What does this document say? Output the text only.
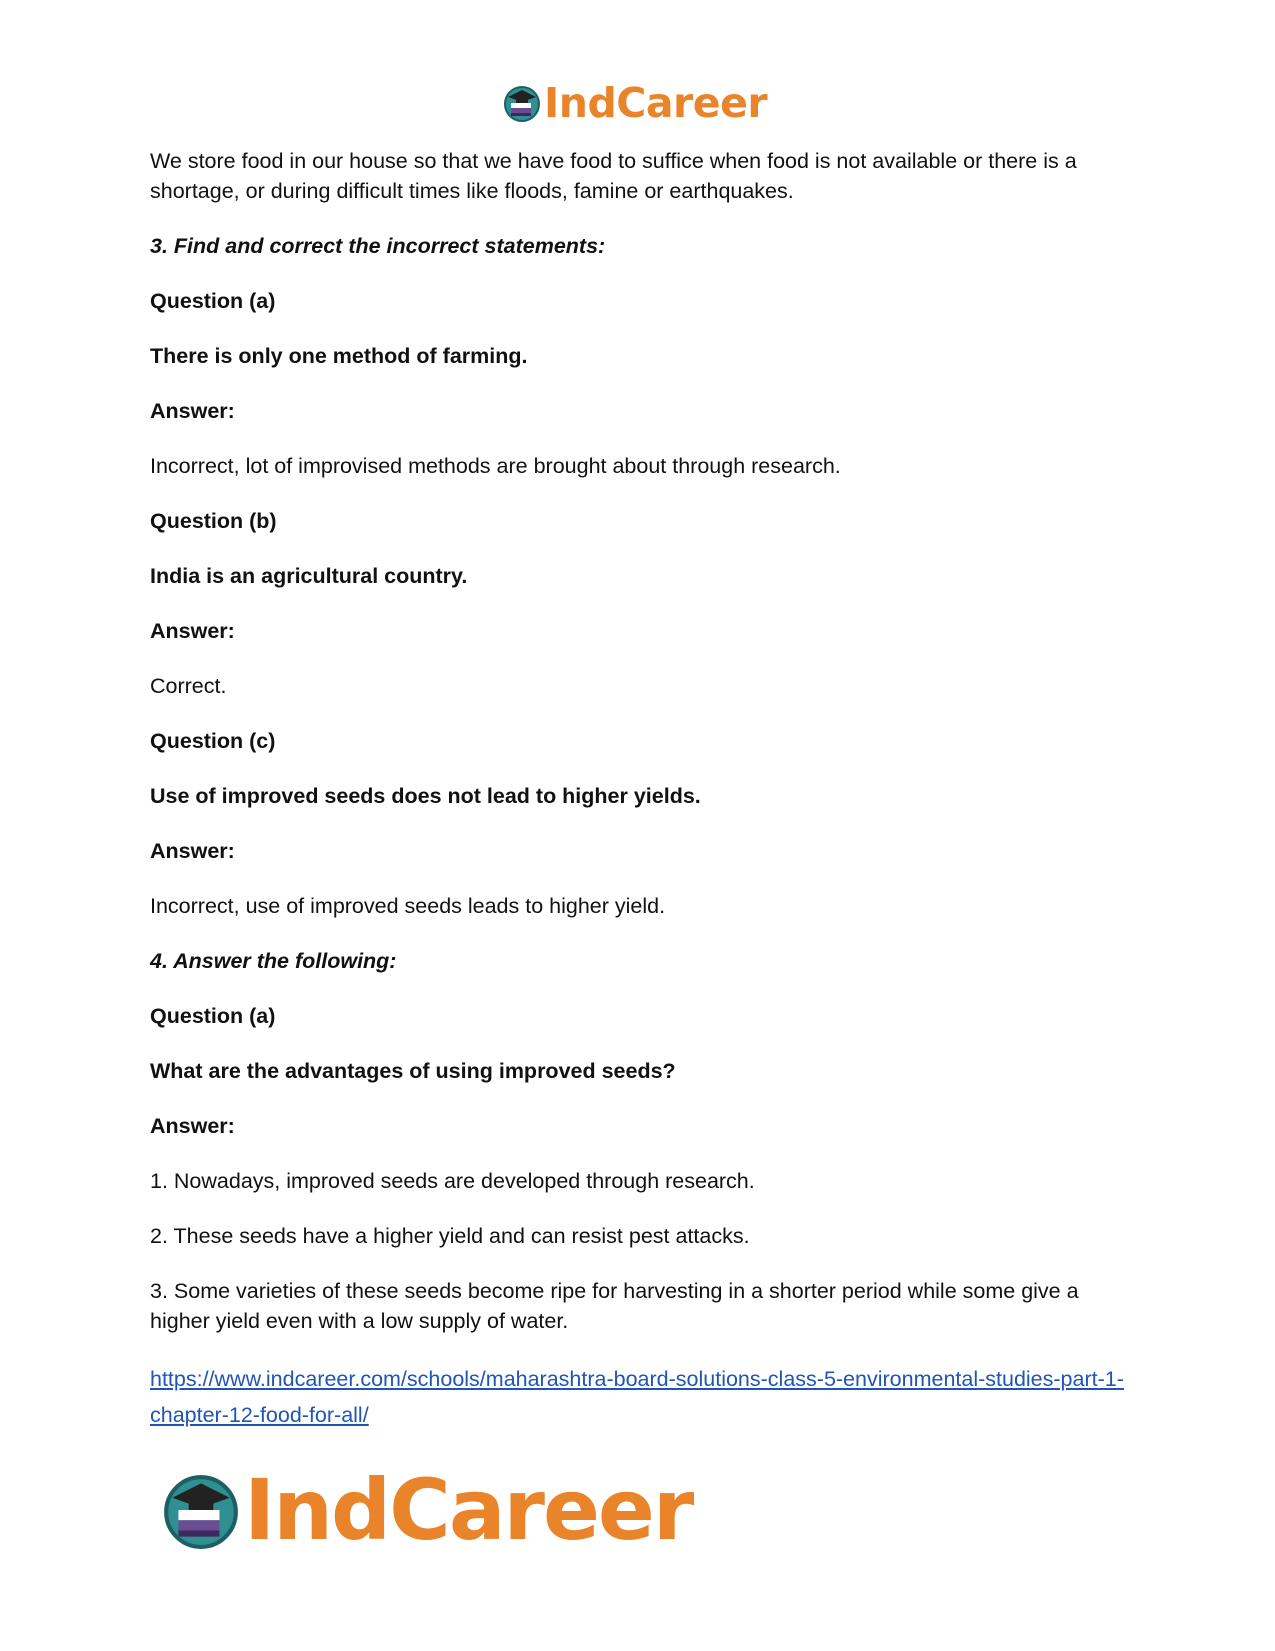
IndCareer

We store food in our house so that we have food to suffice when food is not available or there is a shortage, or during difficult times like floods, famine or earthquakes.

3. Find and correct the incorrect statements:

Question (a)

There is only one method of farming.

Answer:

Incorrect, lot of improvised methods are brought about through research.

Question (b)

India is an agricultural country.

Answer:

Correct.

Question (c)

Use of improved seeds does not lead to higher yields.

Answer:

Incorrect, use of improved seeds leads to higher yield.

4. Answer the following:

Question (a)

What are the advantages of using improved seeds?

Answer:

1. Nowadays, improved seeds are developed through research.

2. These seeds have a higher yield and can resist pest attacks.

3. Some varieties of these seeds become ripe for harvesting in a shorter period while some give a higher yield even with a low supply of water.

https://www.indcareer.com/schools/maharashtra-board-solutions-class-5-environmental-studies-part-1-chapter-12-food-for-all/

IndCareer
